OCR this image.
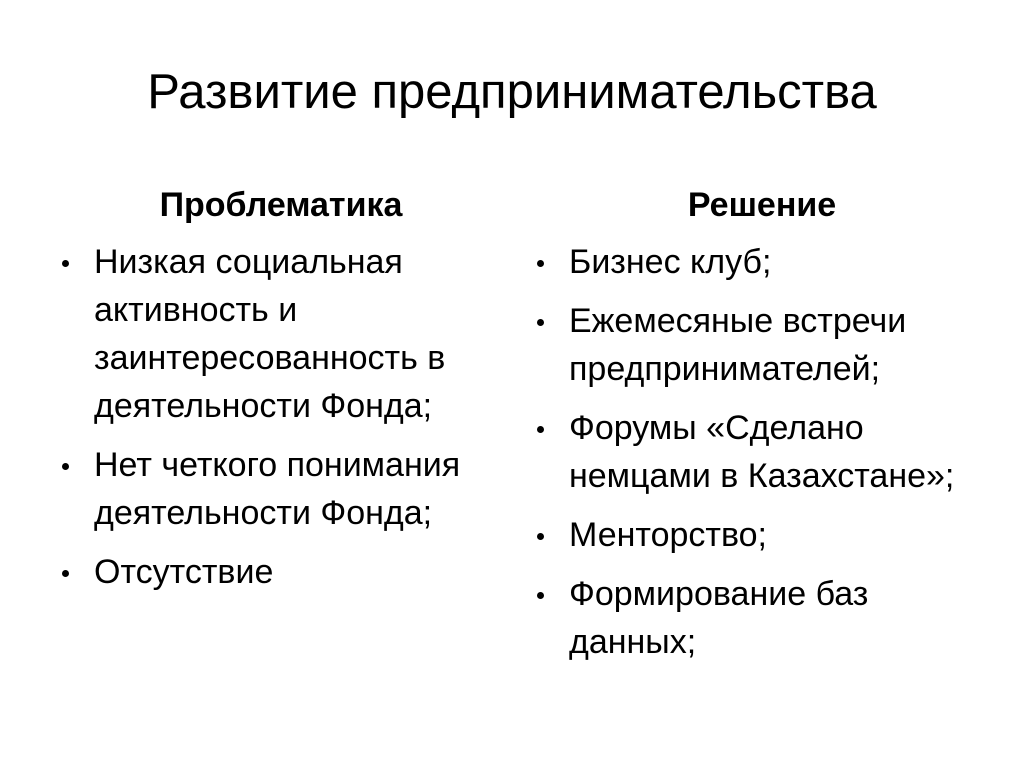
Развитие предпринимательства
Проблематика
Низкая социальная активность и заинтересованность в деятельности Фонда;
Нет четкого понимания деятельности Фонда;
Отсутствие
Решение
Бизнес клуб;
Ежемесяные встречи предпринимателей;
Форумы «Сделано немцами в Казахстане»;
Менторство;
Формирование баз данных;
